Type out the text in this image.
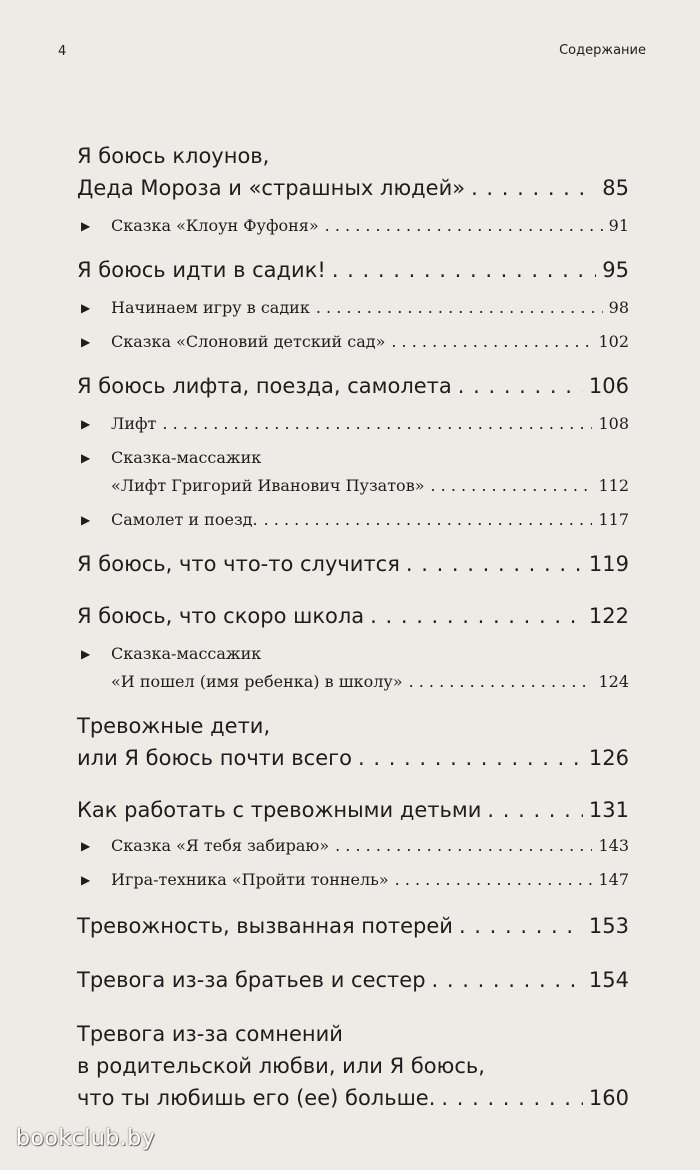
4	Содержание
Я боюсь клоунов,
Деда Мороза и «страшных людей» . . .	85
▶ Сказка «Клоун Фуфоня» . . .	91
Я боюсь идти в садик! . . .	95
▶ Начинаем игру в садик . . .	98
▶ Сказка «Слоновий детский сад» . . .	102
Я боюсь лифта, поезда, самолета . . .	106
▶ Лифт . . .	108
▶ Сказка-массажик
«Лифт Григорий Иванович Пузатов» . . .	112
▶ Самолет и поезд. . . .	117
Я боюсь, что что-то случится . . .	119
Я боюсь, что скоро школа . . .	122
▶ Сказка-массажик
«И пошел (имя ребенка) в школу» . . .	124
Тревожные дети,
или Я боюсь почти всего . . .	126
Как работать с тревожными детьми . . .	131
▶ Сказка «Я тебя забираю» . . .	143
▶ Игра-техника «Пройти тоннель» . . .	147
Тревожность, вызванная потерей . . .	153
Тревога из-за братьев и сестер . . .	154
Тревога из-за сомнений
в родительской любви, или Я боюсь,
что ты любишь его (ее) больше. . . .	160
bookclub.by
